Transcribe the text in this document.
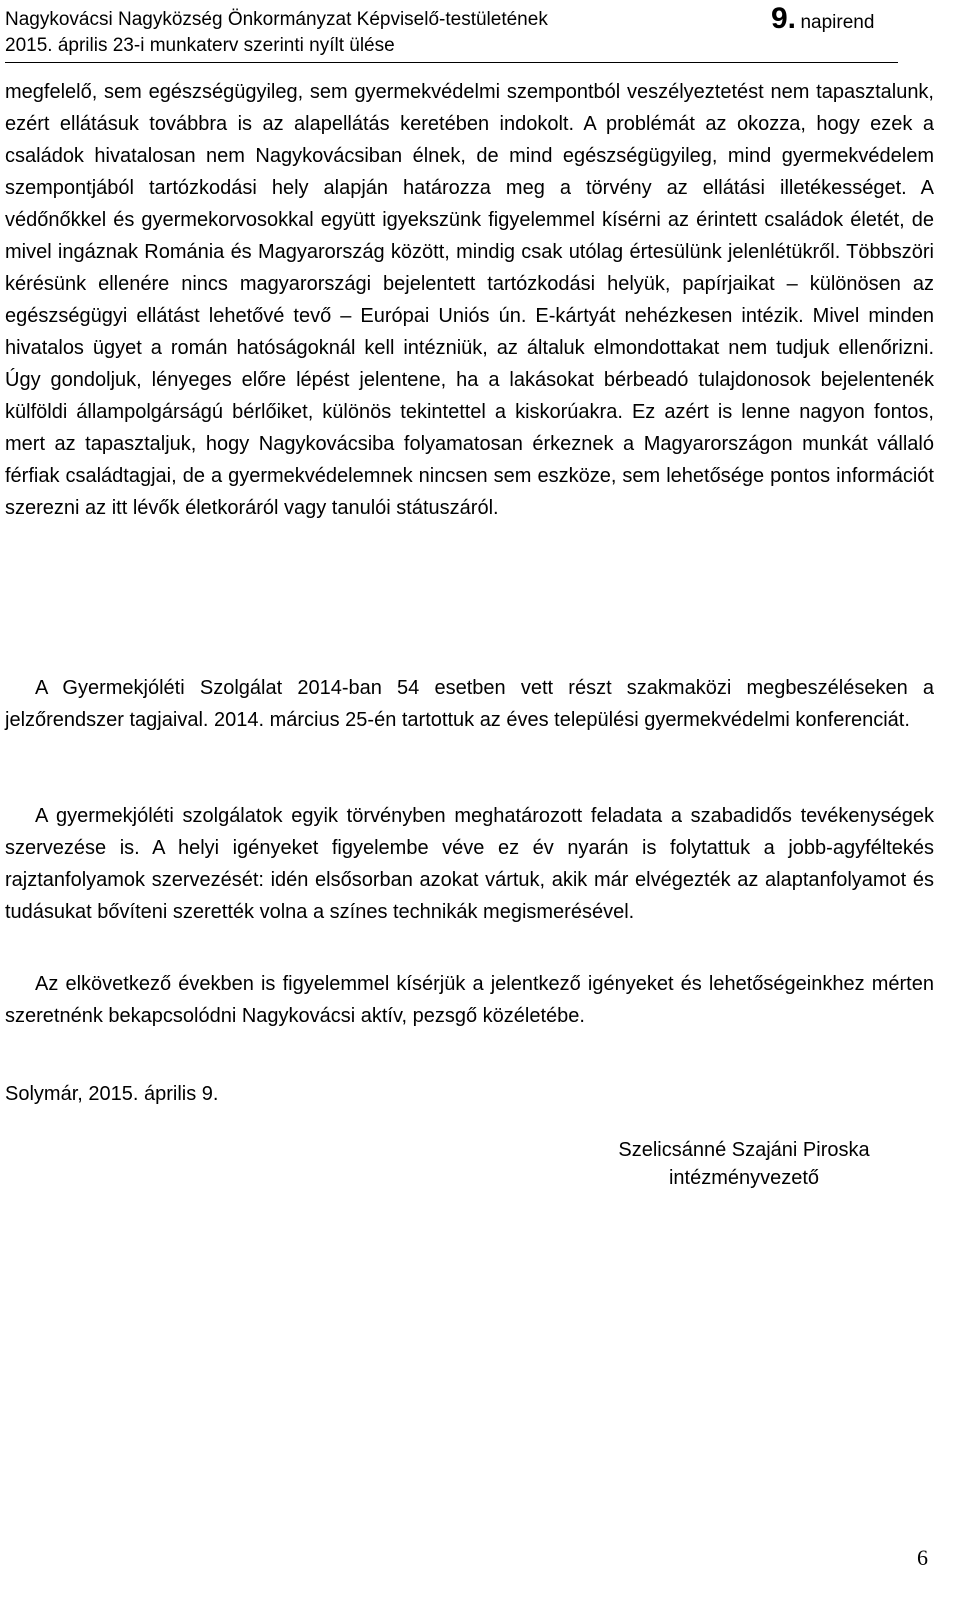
Nagykovácsi Nagyközség Önkormányzat Képviselő-testületének
2015. április 23-i munkaterv szerinti nyílt ülése
9. napirend

megfelelő, sem egészségügyileg, sem gyermekvédelmi szempontból veszélyeztetést nem tapasztalunk, ezért ellátásuk továbbra is az alapellátás keretében indokolt. A problémát az okozza, hogy ezek a családok hivatalosan nem Nagykovácsiban élnek, de mind egészségügyileg, mind gyermekvédelem szempontjából tartózkodási hely alapján határozza meg a törvény az ellátási illetékességet. A védőnőkkel és gyermekorvosokkal együtt igyekszünk figyelemmel kísérni az érintett családok életét, de mivel ingáznak Románia és Magyarország között, mindig csak utólag értesülünk jelenlétükről. Többszöri kérésünk ellenére nincs magyarországi bejelentett tartózkodási helyük, papírjaikat – különösen az egészségügyi ellátást lehetővé tevő – Európai Uniós ún. E-kártyát nehézkesen intézik. Mivel minden hivatalos ügyet a román hatóságoknál kell intézniük, az általuk elmondottakat nem tudjuk ellenőrizni. Úgy gondoljuk, lényeges előre lépést jelentene, ha a lakásokat bérbeadó tulajdonosok bejelentenék külföldi állampolgárságú bérlőiket, különös tekintettel a kiskorúakra. Ez azért is lenne nagyon fontos, mert az tapasztaljuk, hogy Nagykovácsiba folyamatosan érkeznek a Magyarországon munkát vállaló férfiak családtagjai, de a gyermekvédelemnek nincsen sem eszköze, sem lehetősége pontos információt szerezni az itt lévők életkoráról vagy tanulói státuszáról.

A Gyermekjóléti Szolgálat 2014-ban 54 esetben vett részt szakmaközi megbeszéléseken a jelzőrendszer tagjaival. 2014. március 25-én tartottuk az éves települési gyermekvédelmi konferenciát.

A gyermekjóléti szolgálatok egyik törvényben meghatározott feladata a szabadidős tevékenységek szervezése is. A helyi igényeket figyelembe véve ez év nyarán is folytattuk a jobb-agyféltekés rajztanfolyamok szervezését: idén elsősorban azokat vártuk, akik már elvégezték az alaptanfolyamot és tudásukat bővíteni szerették volna a színes technikák megismerésével.

Az elkövetkező években is figyelemmel kísérjük a jelentkező igényeket és lehetőségeinkhez mérten szeretnénk bekapcsolódni Nagykovácsi aktív, pezsgő közéletébe.

Solymár, 2015. április 9.

Szelicsánné Szajáni Piroska
intézményvezető
6
